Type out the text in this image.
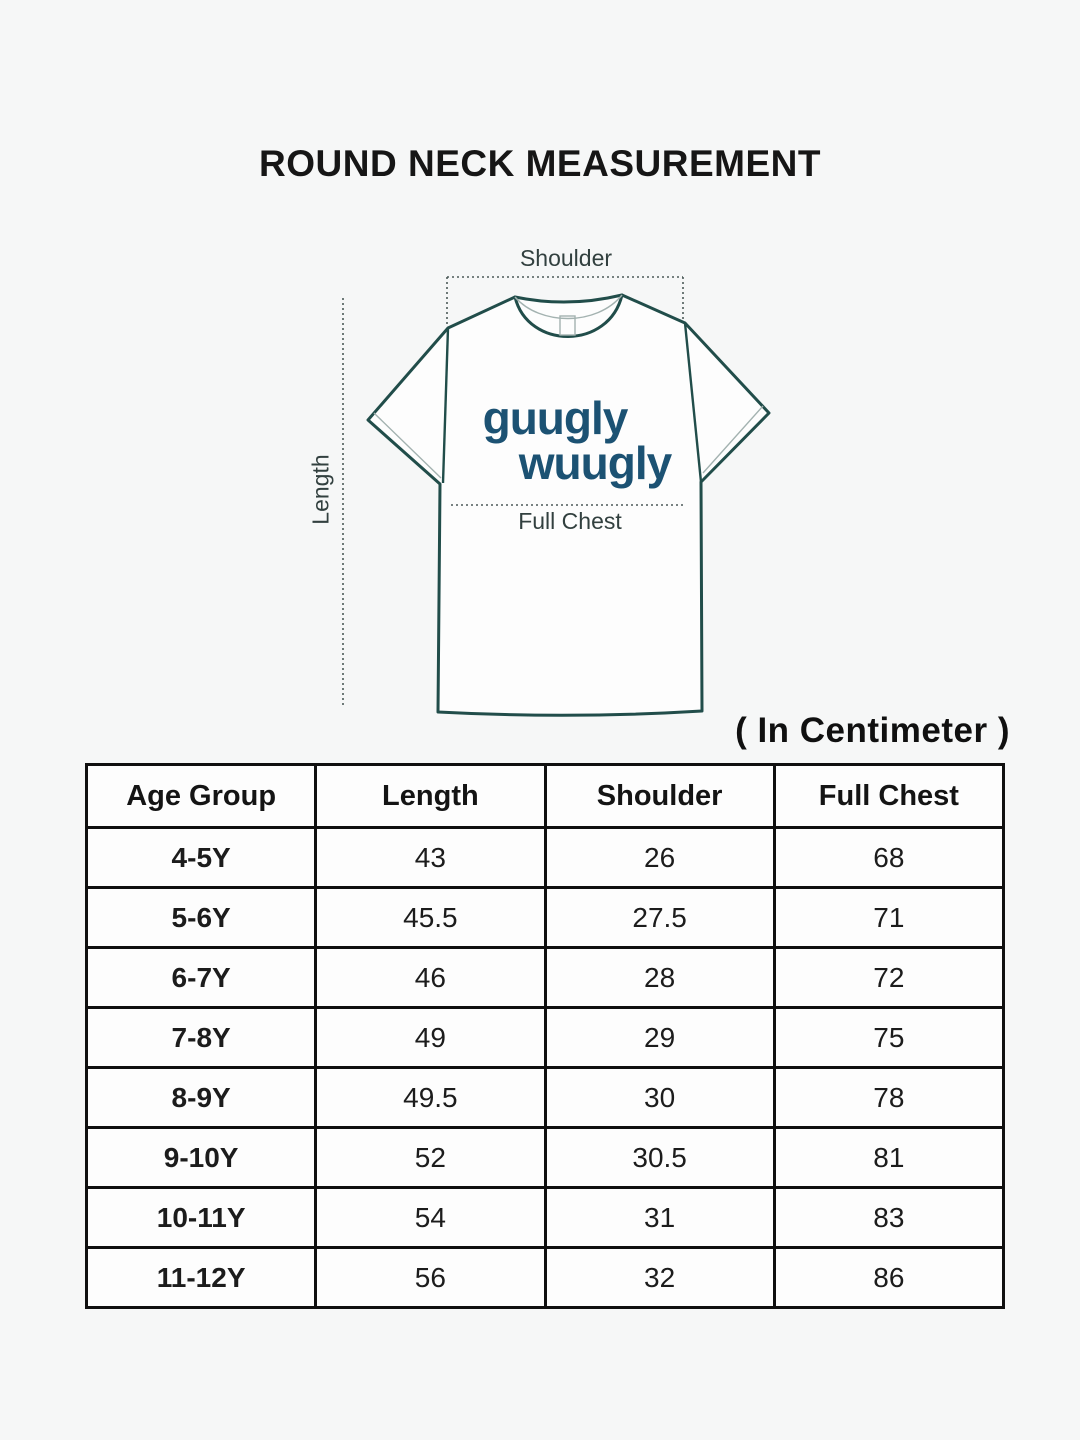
ROUND NECK MEASUREMENT
Shoulder
Length	Full Chest
guugly
wuugly
( In Centimeter )
Age Group	Length	Shoulder	Full Chest
4-5Y	43	26	68
5-6Y	45.5	27.5	71
6-7Y	46	28	72
7-8Y	49	29	75
8-9Y	49.5	30	78
9-10Y	52	30.5	81
10-11Y	54	31	83
11-12Y	56	32	86
